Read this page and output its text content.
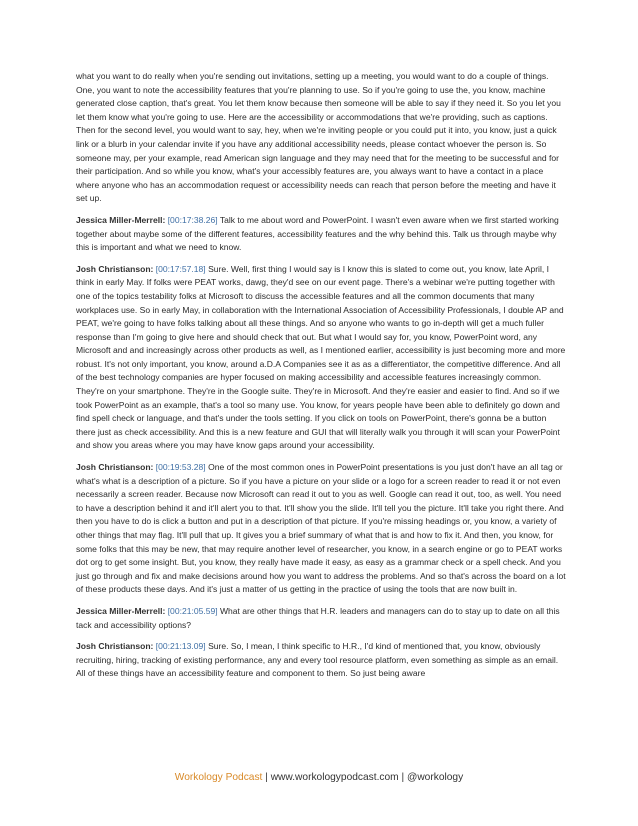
what you want to do really when you're sending out invitations, setting up a meeting, you would want to do a couple of things. One, you want to note the accessibility features that you're planning to use. So if you're going to use the, you know, machine generated close caption, that's great. You let them know because then someone will be able to say if they need it. So you let you let them know what you're going to use. Here are the accessibility or accommodations that we're providing, such as captions. Then for the second level, you would want to say, hey, when we're inviting people or you could put it into, you know, just a quick link or a blurb in your calendar invite if you have any additional accessibility needs, please contact whoever the person is. So someone may, per your example, read American sign language and they may need that for the meeting to be successful and for their participation. And so while you know, what's your accessibly features are, you always want to have a contact in a place where anyone who has an accommodation request or accessibility needs can reach that person before the meeting and have it set up.

Jessica Miller-Merrell: [00:17:38.26] Talk to me about word and PowerPoint. I wasn't even aware when we first started working together about maybe some of the different features, accessibility features and the why behind this. Talk us through maybe why this is important and what we need to know.

Josh Christianson: [00:17:57.18] Sure. Well, first thing I would say is I know this is slated to come out, you know, late April, I think in early May. If folks were PEAT works, dawg, they'd see on our event page. There's a webinar we're putting together with one of the topics testability folks at Microsoft to discuss the accessible features and all the common documents that many workplaces use. So in early May, in collaboration with the International Association of Accessibility Professionals, I double AP and PEAT, we're going to have folks talking about all these things. And so anyone who wants to go in-depth will get a much fuller response than I'm going to give here and should check that out. But what I would say for, you know, PowerPoint word, any Microsoft and and increasingly across other products as well, as I mentioned earlier, accessibility is just becoming more and more robust. It's not only important, you know, around a.D.A Companies see it as as a differentiator, the competitive difference. And all of the best technology companies are hyper focused on making accessibility and accessible features increasingly common. They're on your smartphone. They're in the Google suite. They're in Microsoft. And they're easier and easier to find. And so if we took PowerPoint as an example, that's a tool so many use. You know, for years people have been able to definitely go down and find spell check or language, and that's under the tools setting. If you click on tools on PowerPoint, there's gonna be a button there just as check accessibility. And this is a new feature and GUI that will literally walk you through it will scan your PowerPoint and show you areas where you may have know gaps around your accessibility.

Josh Christianson: [00:19:53.28] One of the most common ones in PowerPoint presentations is you just don't have an all tag or what's what is a description of a picture. So if you have a picture on your slide or a logo for a screen reader to read it or not even necessarily a screen reader. Because now Microsoft can read it out to you as well. Google can read it out, too, as well. You need to have a description behind it and it'll alert you to that. It'll show you the slide. It'll tell you the picture. It'll take you right there. And then you have to do is click a button and put in a description of that picture. If you're missing headings or, you know, a variety of other things that may flag. It'll pull that up. It gives you a brief summary of what that is and how to fix it. And then, you know, for some folks that this may be new, that may require another level of researcher, you know, in a search engine or go to PEAT works dot org to get some insight. But, you know, they really have made it easy, as easy as a grammar check or a spell check. And you just go through and fix and make decisions around how you want to address the problems. And so that's across the board on a lot of these products these days. And it's just a matter of us getting in the practice of using the tools that are now built in.

Jessica Miller-Merrell: [00:21:05.59] What are other things that H.R. leaders and managers can do to stay up to date on all this tack and accessibility options?

Josh Christianson: [00:21:13.09] Sure. So, I mean, I think specific to H.R., I'd kind of mentioned that, you know, obviously recruiting, hiring, tracking of existing performance, any and every tool resource platform, even something as simple as an email. All of these things have an accessibility feature and component to them. So just being aware

Workology Podcast | www.workologypodcast.com | @workology
